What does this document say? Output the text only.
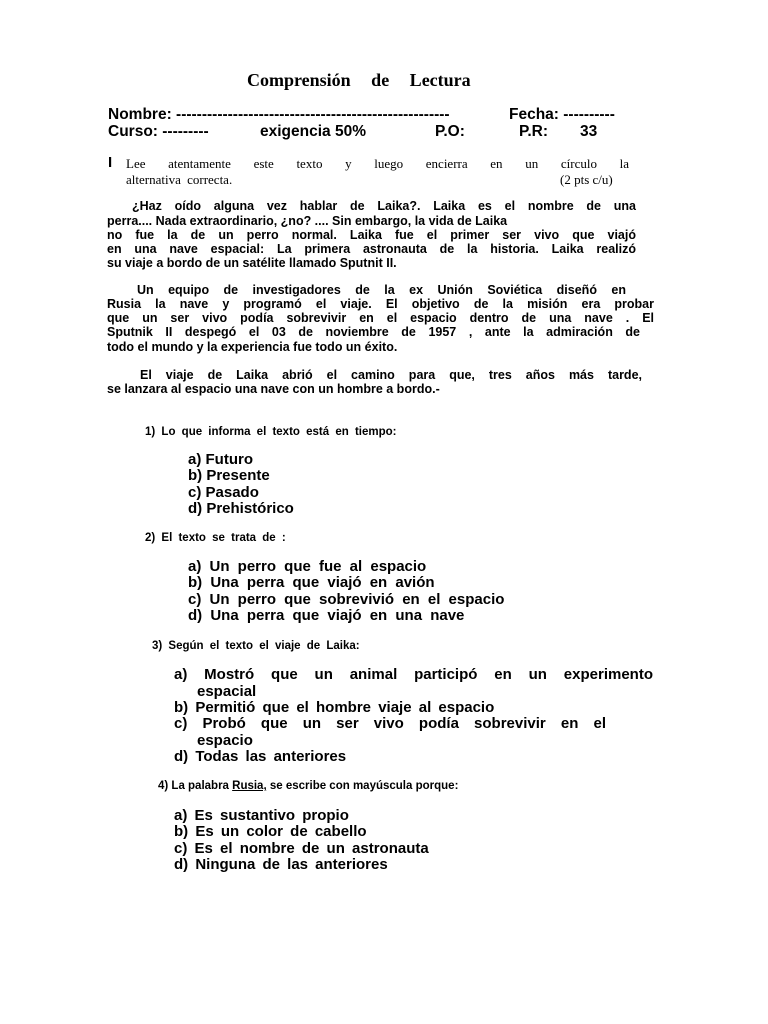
Comprensión de Lectura
Nombre: -----------------------------------------------------	Fecha: ----------
Curso: ---------	exigencia 50%	P.O:	P.R: 33
I Lee atentamente este texto y luego encierra en un círculo la
alternativa correcta.	(2 pts c/u)
¿Haz oído alguna vez hablar de Laika?. Laika es el nombre de una
perra.... Nada extraordinario, ¿no? .... Sin embargo, la vida de Laika
no fue la de un perro normal. Laika fue el primer ser vivo que viajó
en una nave espacial: La primera astronauta de la historia. Laika realizó
su viaje a bordo de un satélite llamado Sputnit II.
Un equipo de investigadores de la ex Unión Soviética diseñó en
Rusia la nave y programó el viaje. El objetivo de la misión era probar
que un ser vivo podía sobrevivir en el espacio dentro de una nave . El
Sputnik II despegó el 03 de noviembre de 1957 , ante la admiración de
todo el mundo y la experiencia fue todo un éxito.
El viaje de Laika abrió el camino para que, tres años más tarde,
se lanzara al espacio una nave con un hombre a bordo.-
1) Lo que informa el texto está en tiempo:
a) Futuro
b) Presente
c) Pasado
d) Prehistórico
2) El texto se trata de :
a) Un perro que fue al espacio
b) Una perra que viajó en avión
c) Un perro que sobrevivió en el espacio
d) Una perra que viajó en una nave
3) Según el texto el viaje de Laika:
a) Mostró que un animal participó en un experimento
espacial
b) Permitió que el hombre viaje al espacio
c) Probó que un ser vivo podía sobrevivir en el
espacio
d) Todas las anteriores
4) La palabra Rusia, se escribe con mayúscula porque:
a) Es sustantivo propio
b) Es un color de cabello
c) Es el nombre de un astronauta
d) Ninguna de las anteriores
